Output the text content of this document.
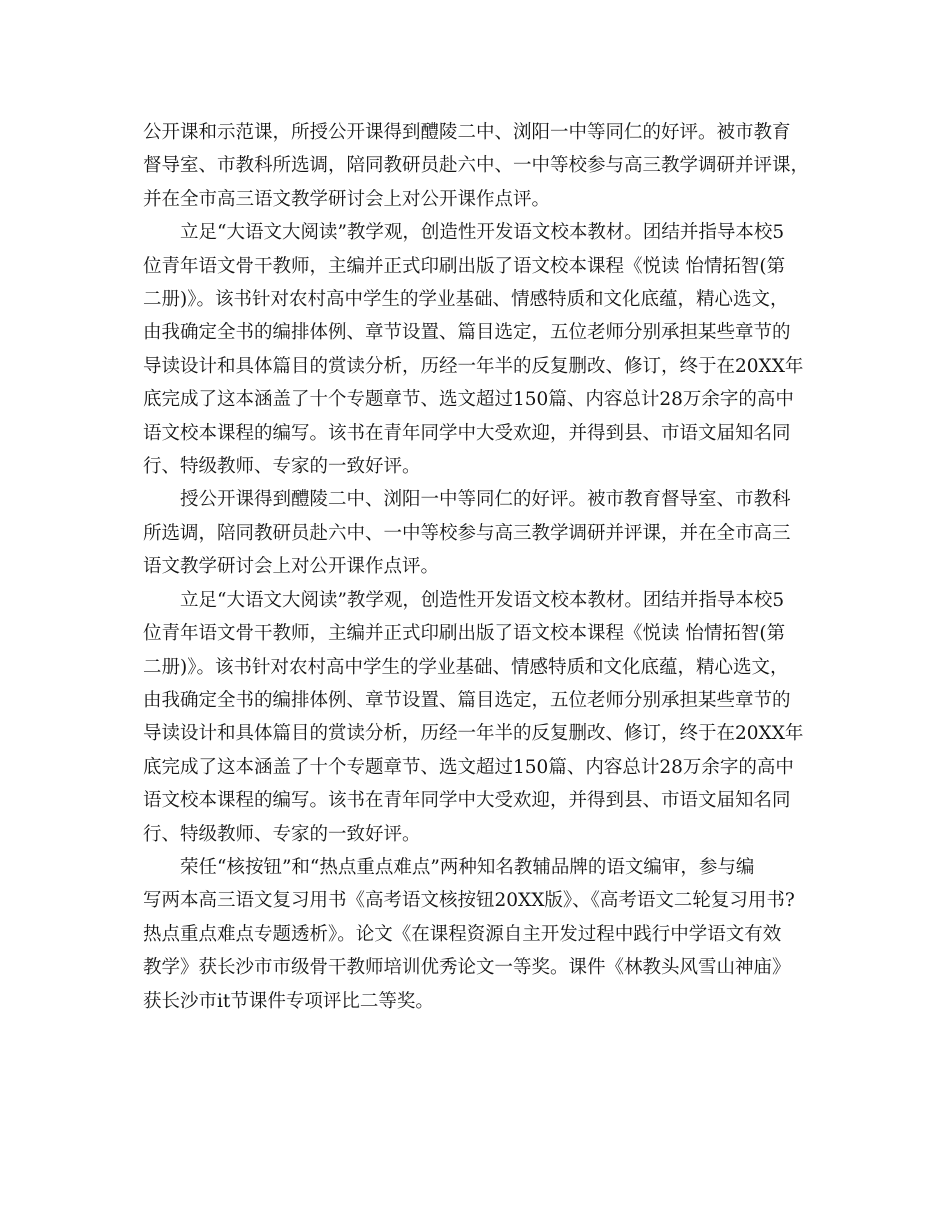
公开课和示范课，所授公开课得到醴陵二中、浏阳一中等同仁的好评。被市教育
督导室、市教科所选调，陪同教研员赴六中、一中等校参与高三教学调研并评课，
并在全市高三语文教学研讨会上对公开课作点评。

立足“大语文大阅读”教学观，创造性开发语文校本教材。团结并指导本校5
位青年语文骨干教师，主编并正式印刷出版了语文校本课程《悦读 怡情拓智(第
二册)》。该书针对农村高中学生的学业基础、情感特质和文化底蕴，精心选文，
由我确定全书的编排体例、章节设置、篇目选定，五位老师分别承担某些章节的
导读设计和具体篇目的赏读分析，历经一年半的反复删改、修订，终于在20XX年
底完成了这本涵盖了十个专题章节、选文超过150篇、内容总计28万余字的高中
语文校本课程的编写。该书在青年同学中大受欢迎，并得到县、市语文届知名同
行、特级教师、专家的一致好评。

授公开课得到醴陵二中、浏阳一中等同仁的好评。被市教育督导室、市教科
所选调，陪同教研员赴六中、一中等校参与高三教学调研并评课，并在全市高三
语文教学研讨会上对公开课作点评。

立足“大语文大阅读”教学观，创造性开发语文校本教材。团结并指导本校5
位青年语文骨干教师，主编并正式印刷出版了语文校本课程《悦读 怡情拓智(第
二册)》。该书针对农村高中学生的学业基础、情感特质和文化底蕴，精心选文，
由我确定全书的编排体例、章节设置、篇目选定，五位老师分别承担某些章节的
导读设计和具体篇目的赏读分析，历经一年半的反复删改、修订，终于在20XX年
底完成了这本涵盖了十个专题章节、选文超过150篇、内容总计28万余字的高中
语文校本课程的编写。该书在青年同学中大受欢迎，并得到县、市语文届知名同
行、特级教师、专家的一致好评。

荣任“核按钮”和“热点重点难点”两种知名教辅品牌的语文编审，参与编
写两本高三语文复习用书《高考语文核按钮20XX版》、《高考语文二轮复习用书?
热点重点难点专题透析》。论文《在课程资源自主开发过程中践行中学语文有效
教学》获长沙市市级骨干教师培训优秀论文一等奖。课件《林教头风雪山神庙》
获长沙市it节课件专项评比二等奖。
